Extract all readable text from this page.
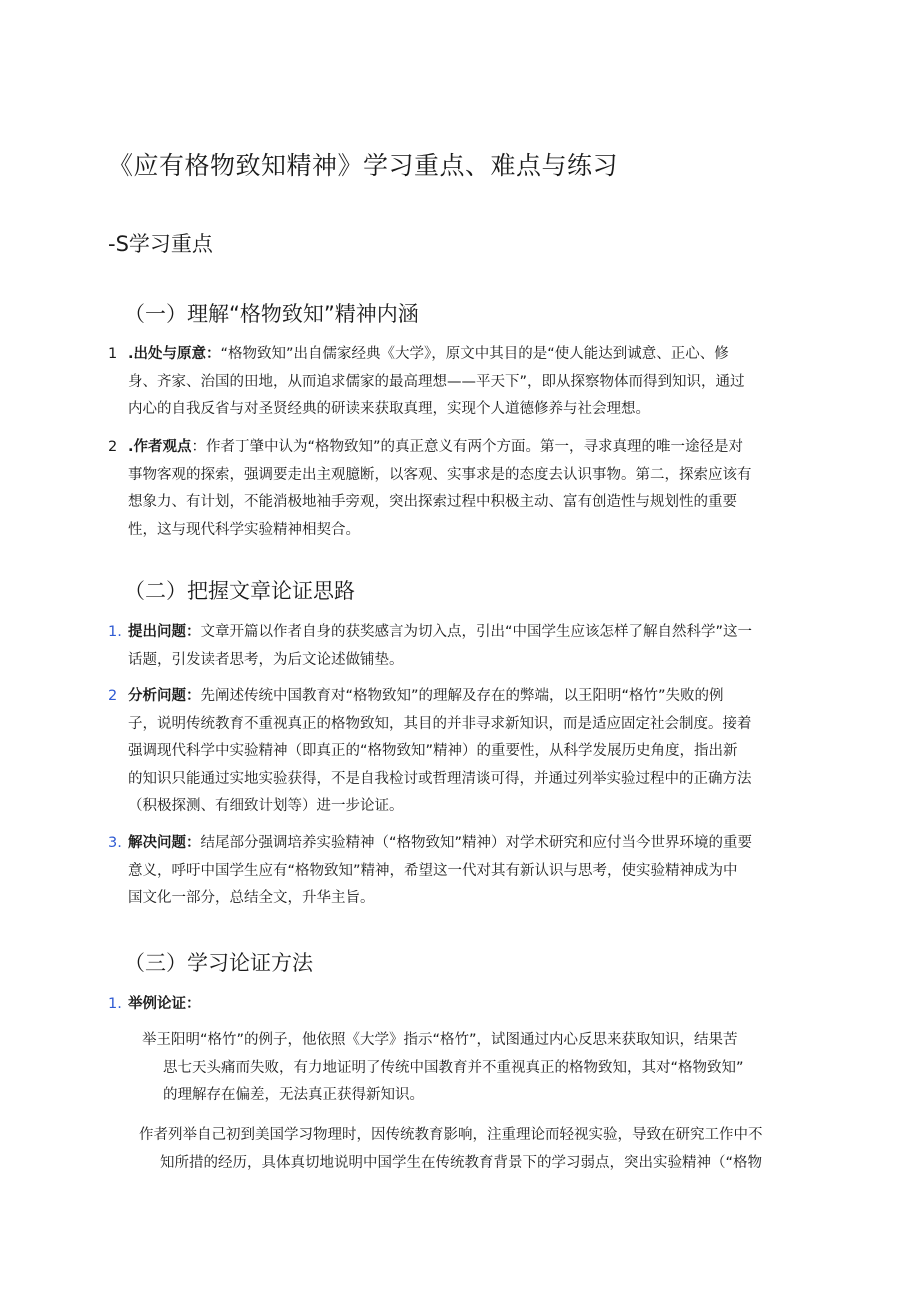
《应有格物致知精神》学习重点、难点与练习
-S学习重点
（一）理解“格物致知”精神内涵
1 .出处与原意：“格物致知”出自儒家经典《大学》，原文中其目的是“使人能达到诚意、正心、修
身、齐家、治国的田地，从而追求儒家的最高理想——平天下”，即从探察物体而得到知识，通过
内心的自我反省与对圣贤经典的研读来获取真理，实现个人道德修养与社会理想。
2 .作者观点：作者丁肇中认为“格物致知”的真正意义有两个方面。第一，寻求真理的唯一途径是对
事物客观的探索，强调要走出主观臆断，以客观、实事求是的态度去认识事物。第二，探索应该有
想象力、有计划，不能消极地袖手旁观，突出探索过程中积极主动、富有创造性与规划性的重要
性，这与现代科学实验精神相契合。
（二）把握文章论证思路
1. 提出问题：文章开篇以作者自身的获奖感言为切入点，引出“中国学生应该怎样了解自然科学”这一
话题，引发读者思考，为后文论述做铺垫。
2 分析问题：先阐述传统中国教育对“格物致知”的理解及存在的弊端，以王阳明“格竹”失败的例
子，说明传统教育不重视真正的格物致知，其目的并非寻求新知识，而是适应固定社会制度。接着
强调现代科学中实验精神（即真正的“格物致知”精神）的重要性，从科学发展历史角度，指出新
的知识只能通过实地实验获得，不是自我检讨或哲理清谈可得，并通过列举实验过程中的正确方法
（积极探测、有细致计划等）进一步论证。
3. 解决问题：结尾部分强调培养实验精神（“格物致知”精神）对学术研究和应付当今世界环境的重要
意义，呼吁中国学生应有“格物致知”精神，希望这一代对其有新认识与思考，使实验精神成为中
国文化一部分，总结全文，升华主旨。
（三）学习论证方法
1. 举例论证：
举王阳明“格竹”的例子，他依照《大学》指示“格竹”，试图通过内心反思来获取知识，结果苦
思七天头痛而失败，有力地证明了传统中国教育并不重视真正的格物致知，其对“格物致知”
的理解存在偏差，无法真正获得新知识。
作者列举自己初到美国学习物理时，因传统教育影响，注重理论而轻视实验，导致在研究工作中不
知所措的经历，具体真切地说明中国学生在传统教育背景下的学习弱点，突出实验精神（“格物
